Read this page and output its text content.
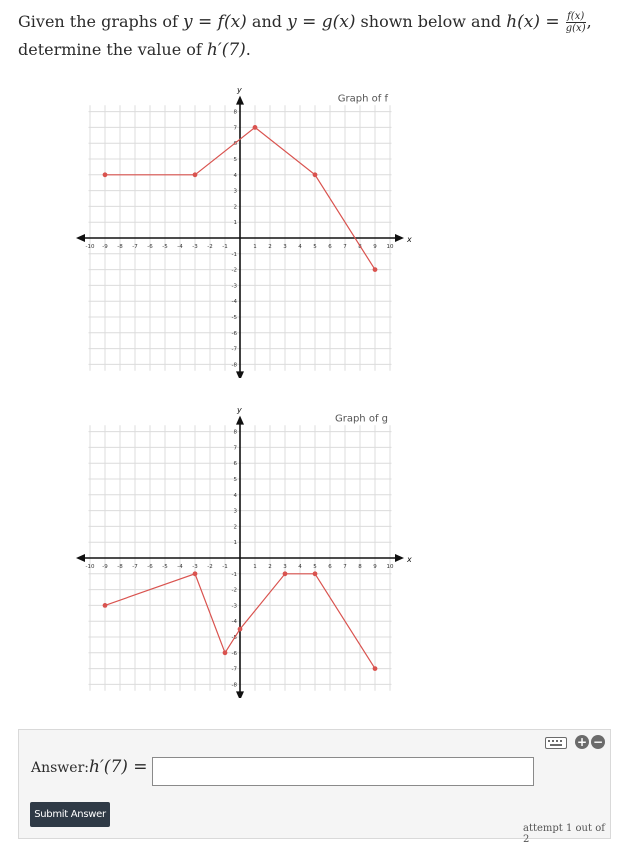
Given the graphs of y = f(x) and y = g(x) shown below and $h(x) = \frac{f(x)}{g(x)}$ ,
determine the value of h′(7).
x
y
-10 -9 -8 -7 -6 -5 -4 -3 -2 -1	1 2 3 4 5 6 7 8 9 10
8
7
6
5
4
3
2
1
-1
-2
-3
-4
-5
-6
-7
-8
Graph of f
x
y
-10 -9 -8 -7 -6 -5 -4 -3 -2 -1	1 2 3 4 5 6 7 8 9 10
8
7
6
5
4
3
2
1
-1
-2
-3
-4
-5
-6
-7
-8
Graph of g
+ −
Answer: h′(7) =
Submit Answer
attempt 1 out of 2
